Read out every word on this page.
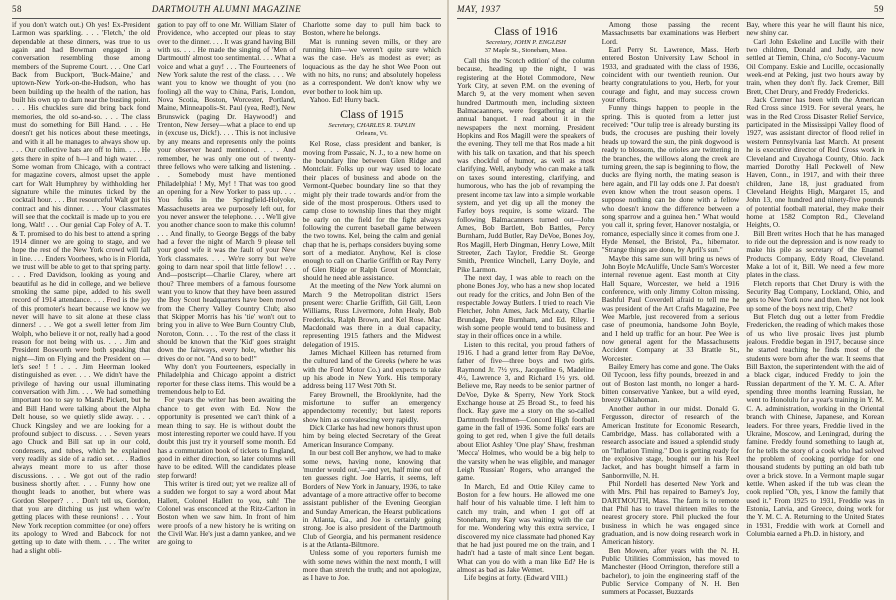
58	DARTMOUTH ALUMNI MAGAZINE

if you don't watch out.) Oh yes! Ex-President Larmon was sparkling. . . . 'Fletch,' the old dependable at these dinners, was true to us again and had Bowman engaged in a conversation resembling those among members of the Supreme Court. . . . One Carl Back from Buckport, 'Buck-Maine,' and uptown-New York-on-the-Hudson, who has been building up the health of the nation, has built his own up to darn near the busting point. . . . His chuckles sure did bring back fond memories, the old so-and-so. . . . The class must do something for Bill Hand. . . . He doesn't get his notices about these meetings, and with it all he manages to always show up. . . . Our collective hats are off to him. . . . He gets there in spite of h—l and high water. . . . Some woman from Chicago, with a contract for magazine covers, almost upset the apple cart for Walt Humphrey by withholding her signature while the minutes ticked by the cocktail hour. . . . But resourceful Walt got his contract and his dinner. . . . Your classmates will see that the cocktail is made up to you ere long, Walt! . . . Our genial Cap Foley of A. T. & T. promised to do his best to attend a spring 1914 dinner we are going to stage, and we hope the rest of the New York crowd will fall in line. . . . Enders Voorhees, who is in Florida, we trust will be able to get to that spring party. . . . Fred Davidson, looking as young and beautiful as he did in college, and we believe smoking the same pipe, added to his swell record of 1914 attendance. . . . Fred is the joy of this promoter's heart because we know we never will have to sit alone at these class dinners! . . . We got a swell letter from Jim Wolph, who believe it or not, really had a good reason for not being with us. . . . Jim and President Bosworth were both speaking that night—Jim on Flying and the President on —let's see! ! ! . . . Jim Heerman looked distinguished as ever. . . . We didn't have the privilege of having our usual illuminating conversation with Jim. . . . We had something important too to say to Marsh Pickett, but he and Bill Hand were talking about the Alpha Delt house, so we quietly slide away. . . . Chuck Kingsley and we are looking for a profound subject to discuss. . . . Seven years ago Chuck and Bill sat up in our cold, condensers, and tubes, which he explained very readily as side of a radio set. . . . Radios always meant more to us after those discussions. . . . We got out of the radio business shortly after. . . . Funny how one thought leads to another, but where was Gordon Sleeper? . . . Don't tell us, Gordon, that you are ditching us just when we're getting places with these reunions! . . . Your New York reception committee (or one) offers its apology to Wred and Babcock for not getting up to date with them. . . . The writer had a slight obli-

gation to pay off to one Mr. William Slater of Providence, who accepted our pleas to stay over to the dinner. . . . It was grand having Bill with us. . . . He made the singing of 'Men of Dartmouth' almost too sentimental. . . . What a voice and what a guy! . . . The Fourteeners of New York salute the rest of the class. . . . We want you to know we thought of you (no fooling) all the way to China, Paris, London, Nova Scotia, Boston, Worcester, Portland, Maine, Minneapolis-St. Paul (yea, Red!), New Brunswick (paging Dr. Haywood!) and Trenton, New Jersey—what a place to end up in (excuse us, Dick!). . . . This is not inclusive by any means and represents only the points your observer heard mentioned. . . . And remember, he was only one out of twenty-three fellows who were talking and listening. . . . Somebody must have mentioned Philadelphia! ! My, My! ! That was too good an opening for a New Yorker to pass up. . . . You folks in the Springfield-Holyoke, Massachusetts area we purposely left out, for you never answer the telephone. . . . We'll give you another chance soon to make this column! . . . And finally, to George Beggs of the baby had a fever the night of March 9 please tell your good wife it was the fault of your New York classmates. . . . We're sorry but we're going to darn near spoil that little fellow! . . . And—postscript—Charlie Clarey, where art thou? Three members of a famous foursome want you to know that they have been assured the Boy Scout headquarters have been moved from the Cherry Valley Country Club; also that Skipper Morris has his 'tie' won't out to bring you in alive to Wee Burn Country Club, Noroton, Conn. . . . To the rest of the class it should be known that the 'Kid' goes straight down the fairways, every hole, whether his drives do or not. "And so to bed!"

Why don't you Fourteeners, especially in Philadelphia and Chicago appoint a district reporter for these class items. This would be a tremendous help to Ed.

For years the writer has been awaiting the chance to get even with Ed. Now the opportunity is presented we can't think of a mean thing to say. He is without doubt the most interesting reporter we could have. If you doubt this just try it yourself some month. Ed has a commutation book of tickets to England, good in either direction, so later columns will have to be edited. Will the candidates please step forward!

This writer is tired out; yet we realize all of a sudden we forgot to say a word about Mat Hallett, Colonel Hallett to you, suh! The Colonel was ensconced at the Ritz-Carlton in Boston when we saw him. In front of him were proofs of a new history he is writing on the Civil War. He's just a damn yankee, and we are going to

Charlotte some day to pull him back to Boston, where he belongs.

Mat is running seven mills, or they are running him—we weren't quite sure which was the case. He's as modest as ever; as loquacious as the day he shot Wee Poon out with no hits, no runs; and absolutely hopeless as a correspondent. We don't know why we ever bother to look him up.

Yahoo. Ed! Hurry back.

Class of 1915
Secretary, CHARLES R. TAPLIN
Orleans, Vt.

Kel Rose, class president and banker, is moving from Passaic, N. J., to a new home on the boundary line between Glen Ridge and Montclair. Folks up our way used to locate their places of business and abode on the Vermont-Quebec boundary line so that they might ply their trade towards and/or from the side of the most prosperous. Others used to camp close to township lines that they might be early on the field for the fight always following the current baseball game between the two towns. Kel, being the calm and genial chap that he is, perhaps considers buying some sort of a mediator. Anyhow, Kel is close enough to call on Charlie Griffith or Ray Perry of Glen Ridge or Ralph Grout of Montclair, should he need able assistance.

At the meeting of the New York alumni on March 9 the Metropolitan district 15ers present were: Charlie Griffith, Gil Gill, Leon Williams, Russ Livermore, John Healy, Bob Fredericks, Ralph Brown, and Kel Rose. Mac Macdonald was there in a dual capacity, representing 1915 fathers and the Midwest delegation of 1915.

James Michael Killeen has returned from the cultured land of the Greeks (where he was with the Ford Motor Co.) and expects to take up his abode in New York. His temporary address being 117 West 70th St.

Farey Brownell, the Brooklynite, had the misfortune to suffer an emergency appendectomy recently; but latest reports show him as convalescing very rapidly.

Dick Clarke has had new honors thrust upon him by being elected Secretary of the Great American Insurance Company.

In our best coll Ber anyhow, we had to make some news, having none, knowing that 'murder would out,'—and yet, half mine out of ten guesses right. Joe Harris, it seems, left Borders of New York in January, 1936, to take advantage of a more attractive offer to become assistant publisher of the Evening Georgian and Sunday American, the Hearst publications in Atlanta, Ga., and Joe is certainly going strong. Joe is also president of the Dartmouth Club of Georgia, and his permanent residence is at the Atlanta-Biltmore.

Unless some of you reporters furnish me with some news within the next month, I will more than stretch the truth; and not apologize, as I have to Joe.

MAY, 1937	59
Class of 1916
Secretary, JOHN P. ENGLISH
37 Maple St., Stoneham, Mass.

Call this the 'Scotch edition' of the column because, heading up the night, I was registering at the Hotel Commodore, New York City, at seven P.M. on the evening of March 9, at the very moment when seven hundred Dartmouth men, including sixteen Balmacaanners, were forgathering at their annual banquet. I read about it in the newspapers the next morning. President Hopkins and Ros Magill were the speakers of the evening. They tell me that Ros made a hit with his talk on taxation, and that his speech was chockful of humor, as well as most clarifying. Well, anybody who can make a talk on taxes sound interesting, clarifying, and humorous, who has the job of revamping the present income tax law into a simple workable system, and yet dig up all the money the Farley boys require, is some wizard. The following Balmacanners turned out—John Ames, Bob Bartlett, Bob Battles, Percy Burnham, Judd Butler, Ray DeVoe, Bones Joy, Ros Magill, Herb Dingman, Henry Lowe, Milt Streeter, Zach Taylor, Freddie St. George Smith, Prentice Winchell, Larry Doyle, and Pike Larmon.

The next day, I was able to reach on the phone Bones Joy, who has a new shop located out ready for the critics, and John Ben of the respectable Joway Butlers. I tried to reach Vie Fletcher, John Ames, Jack McLeaty, Charlie Brundage, Pete Burnham, and Ed. Riley. I wish some people would tend to business and stay in their offices once in a while.

Listen to this recital, you proud fathers of 1916. I had a grand letter from Ray DeVoe, father of five—three boys and two girls. Raymond Jr. 7½ yrs., Jacqueline 6, Madeline 4½, Lawrence 3, and Richard 1½ yrs. old. Believe me, Ray needs to be senior partner of DeVoe, Dyke & Sperry, New York Stock Exchange house at 25 Broad St., to feed his flock. Ray gave me a story on the so-called Dartmouth freshmen—Concord High football game in the fall of 1936. Some folks' ears are going to get red, when I give the full details about Eliot Ashley 'One play' Shaw, freshman 'Mecca' Holmes, who would be a big help to the varsity when he was eligible, and manager Leigh 'Russian' Rogers, who arranged the game.

In March, Ed and Ottie Kiley came to Boston for a few hours. He allowed me one half hour of his valuable time. I left him to catch my train, and when I got off at Stoneham, my Kay was waiting with the car for me. Wondering why this extra service, I discovered my nice classmate had phoned Kay that he had just poured me on the train, and I hadn't had a taste of malt since Lent began. What can you do with a man like Ed? He is almost as bad as Jake Wemet.

Life begins at forty. (Edward VIII.)

Among those passing the recent Massachusetts bar examinations was Herbert Lord.

Earl Perry St. Lawrence, Mass. Herb entered Boston University Law School in 1933, and graduated with the class of 1936, coincident with our twentieth reunion. Our hearty congratulations to you, Herb, for your courage and fight, and may success crown your efforts.

Funny things happen to people in the spring. This is quoted from a letter just received: "Our tulip tree is already bursting its buds, the crocuses are pushing their lovely heads up toward the sun, the pink dogwood is ready to blossom, the orioles are twittering in the branches, the willows along the creek are turning green, the sap is beginning to flow, the ducks are flying north, the mating season is here again, and I'll lay odds one J. Pat doesn't even know when the trout season opens. I suppose nothing can be done with a fellow who doesn't know the difference between a song sparrow and a guinea hen." What would you call it, spring fever, Hanover nostalgia, or romance, especially since it comes from one J. Hyde Mensel, the Bristol, Pa., hibernator. "Strange things are done, by April's sun."

Maybe this same sun will bring us news of John Boyle McAuliffe, Uncle Sam's Worcester internal revenue agent. East month at City Hall Square, Worcester, we held a 1916 conference, with only Jimmy Colton missing. Bashful Paul Coverdell afraid to tell me he was president of the Art Crafts Magazine, Pee Wee Marble, just recovered from a serious case of pneumonia, handsome John Boyle, and I held up traffic for an hour. Pee Wee is now general agent for the Massachusetts Accident Company at 33 Brattle St., Worcester.

Bailey Emery has come and gone. The Oaks Oil Tycoon, less fifty pounds, breezed in and out of Boston last month, no longer a hard-bitten conservative Yankee, but a wild eyed, breezy Oklahoman.

Another author in our midst. Donald G. Fergusson, director of research of the American Institute for Economic Research, Cambridge, Mass. has collaborated with a research associate and issued a splendid study on "Inflation Timing." Don is getting ready for the explosive stage, bought our in his Reel Jacket, and has bought himself a farm in Sanbornville, N. H.

Phil Nordell has deserted New York and with Mrs. Phil has repaired to Barney's Joy, DARTMOUTH, Mass. The farm is to remote that Phil has to travel thirteen miles to the nearest grocery store. Phil plucked the four business in which he was engaged since graduation, and is now doing research work in American history.

Ben Mowen, after years with the N. H. Public Utilities Commission, has moved to Manchester (Hood Orrington, therefore still a bachelor), to join the engineering staff of the Public Service Company of N. H. Ben summers at Pocasset, Buzzards

Bay, where this year he will flaunt his nice, new shiny car.

Carl John Eskeline and Lucille with their two children, Donald and Judy, are now settled at Tiemin, China, c/o Socony-Vacuum Oil Company. Eskie and Lucille, occasionally week-end at Peking, just two hours away by train, when they don't fly. Jack Cremer, Bill Brett, Chet Drury, and Freddy Fredericks.

Jack Cremer has been with the American Red Cross since 1919. For several years, he was in the Red Cross Disaster Relief Service, participated in the Mississippi Valley flood of 1927, was assistant director of flood relief in western Pennsylvania last March. At present he is executive director of Red Cross work in Cleveland and Cuyahoga County, Ohio. Jack married Dorothy Hall Peckwell of New Haven, Conn., in 1917, and with their three children, Jane 18, just graduated from Cleveland Heights High, Margaret 15, and John 13, one hundred and ninety-five pounds of potential football material, they make their home at 1582 Compton Rd., Cleveland Heights, O.

Bill Brett writes Hoch that he has managed to ride out the depression and is now ready to make his pile as secretary of the Enamel Products Company, Eddy Road, Cleveland. Make a lot of it, Bill. We need a few more plates in the class.

Fletch reports that Chet Drury is with the Security Bag Company, Lockland, Ohio, and gets to New York now and then. Why not look up some of the boys next trip, Chet?

But Fletch dug out a letter from Freddie Fredericken, the reading of which makes those of us who live prosaic lives just plumb jealous. Freddie began in 1917, because since he started teaching he finds most of the students were born after the war. It seems that Bill Baxton, the superintendent with the aid of a black cigar, induced Freddy to join the Russian department of the Y. M. C. A. After spending three months learning Russian, he went to Honolulu for a year's training in Y. M. C. A. administration, working in the Oriental branch with Chinese, Japanese, and Korean leaders. For three years, Freddie lived in the Ukraine, Moscow, and Leningrad, during the famine. Freddy found something to laugh at, for he tells the story of a cook who had solved the problem of cooking porridge for one thousand students by putting an old bath tub over a brick stove. In a Vermont maple sugar kettle. When asked if the tub was clean the cook replied "Oh, yes, I know the family that used it." From 1925 to 1931, Freddie was in Estonia, Latvia, and Greece, doing work for the Y. M. C. A. Returning to the United States in 1931, Freddie with work at Cornell and Columbia earned a Ph.D. in history, and
